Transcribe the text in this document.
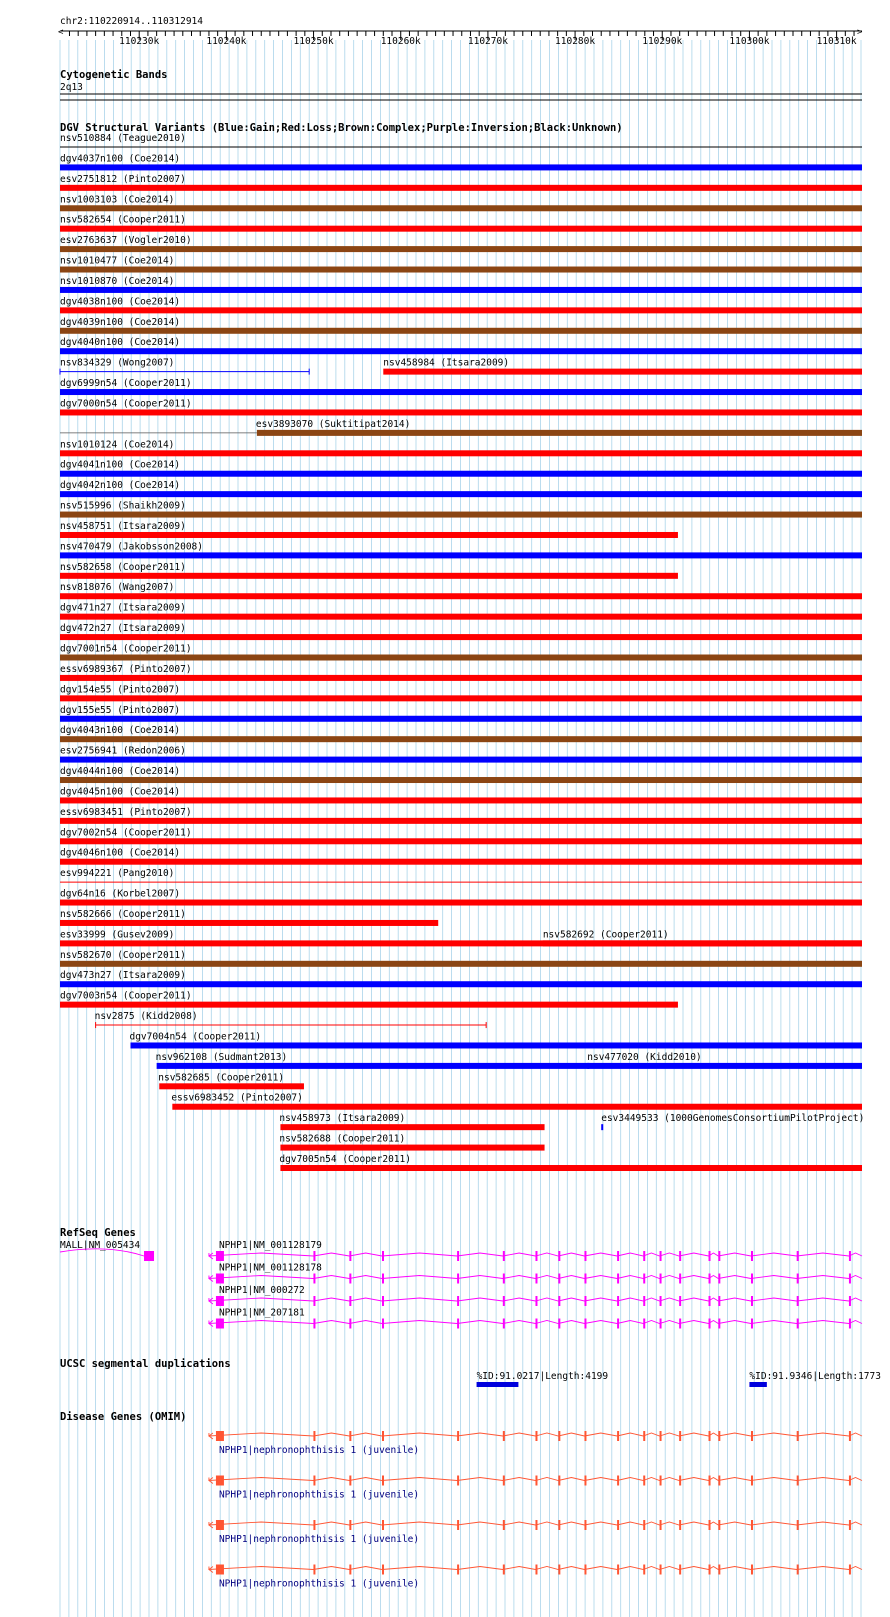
chr2:110220914..110312914
<	>
110230k	110240k	110250k	110260k	110270k	110280k	110290k	110300k	110310k
Cytogenetic Bands
2q13
DGV Structural Variants (Blue:Gain;Red:Loss;Brown:Complex;Purple:Inversion;Black:Unknown)
nsv510884 (Teague2010)
dgv4037n100 (Coe2014)
esv2751812 (Pinto2007)
nsv1003103 (Coe2014)
nsv582654 (Cooper2011)
esv2763637 (Vogler2010)
nsv1010477 (Coe2014)
nsv1010870 (Coe2014)
dgv4038n100 (Coe2014)
dgv4039n100 (Coe2014)
dgv4040n100 (Coe2014)
nsv834329 (Wong2007)	nsv458984 (Itsara2009)
dgv6999n54 (Cooper2011)
dgv7000n54 (Cooper2011)
esv3893070 (Suktitipat2014)
nsv1010124 (Coe2014)
dgv4041n100 (Coe2014)
dgv4042n100 (Coe2014)
nsv515996 (Shaikh2009)
nsv458751 (Itsara2009)
nsv470479 (Jakobsson2008)
nsv582658 (Cooper2011)
nsv818076 (Wang2007)
dgv471n27 (Itsara2009)
dgv472n27 (Itsara2009)
dgv7001n54 (Cooper2011)
essv6989367 (Pinto2007)
dgv154e55 (Pinto2007)
dgv155e55 (Pinto2007)
dgv4043n100 (Coe2014)
esv2756941 (Redon2006)
dgv4044n100 (Coe2014)
dgv4045n100 (Coe2014)
essv6983451 (Pinto2007)
dgv7002n54 (Cooper2011)
dgv4046n100 (Coe2014)
esv994221 (Pang2010)
dgv64n16 (Korbel2007)
nsv582666 (Cooper2011)
nsv582692 (Cooper2011)
esv33999 (Gusev2009)
nsv582670 (Cooper2011)
dgv473n27 (Itsara2009)
dgv7003n54 (Cooper2011)
nsv2875 (Kidd2008)
nsv477020 (Kidd2010)
dgv7004n54 (Cooper2011)
nsv962108 (Sudmant2013)
nsv582685 (Cooper2011)
esv3449533 (1000GenomesConsortiumPilotProject)
essv6983452 (Pinto2007)
nsv458973 (Itsara2009)
nsv582688 (Cooper2011)
dgv7005n54 (Cooper2011)
RefSeq Genes
MALL|NM_005434	NPHP1|NM_001128179
NPHP1|NM_001128178
NPHP1|NM_000272
NPHP1|NM_207181
UCSC segmental duplications
%ID:91.0217|Length:4199	%ID:91.9346|Length:1773
Disease Genes (OMIM)
NPHP1|nephronophthisis 1 (juvenile)
NPHP1|nephronophthisis 1 (juvenile)
NPHP1|nephronophthisis 1 (juvenile)
NPHP1|nephronophthisis 1 (juvenile)
